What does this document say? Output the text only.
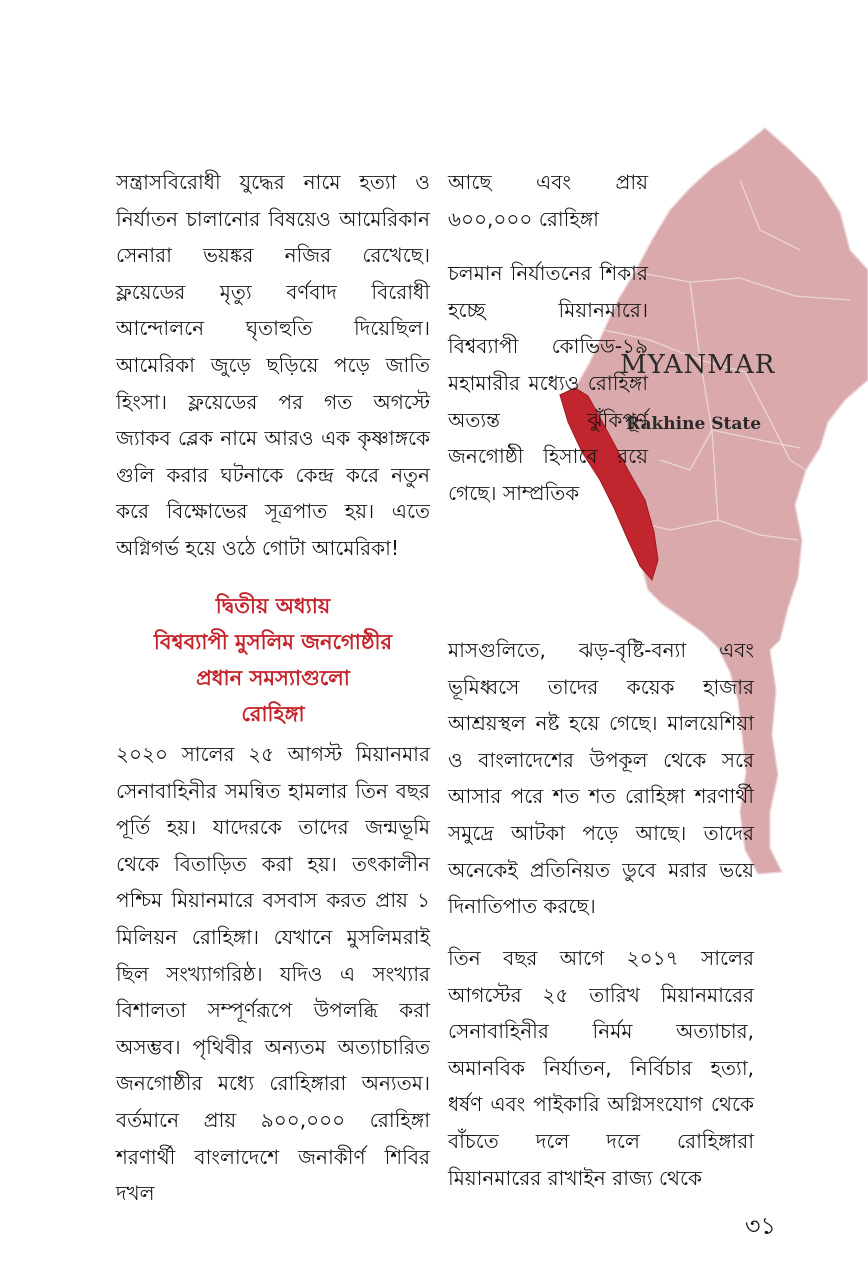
MYANMAR
Rakhine State

সন্ত্রাসবিরোধী যুদ্ধের নামে হত্যা ও নির্যাতন চালানোর বিষয়েও আমেরিকান সেনারা ভয়ঙ্কর নজির রেখেছে। ফ্লয়েডের মৃত্যু বর্ণবাদ বিরোধী আন্দোলনে ঘৃতাহুতি দিয়েছিল। আমেরিকা জুড়ে ছড়িয়ে পড়ে জাতি হিংসা। ফ্লয়েডের পর গত অগস্টে জ্যাকব ব্লেক নামে আরও এক কৃষ্ণাঙ্গকে গুলি করার ঘটনাকে কেন্দ্র করে নতুন করে বিক্ষোভের সূত্রপাত হয়। এতে অগ্নিগর্ভ হয়ে ওঠে গোটা আমেরিকা!

দ্বিতীয় অধ্যায়
বিশ্বব্যাপী মুসলিম জনগোষ্ঠীর
প্রধান সমস্যাগুলো
রোহিঙ্গা

২০২০ সালের ২৫ আগস্ট মিয়ানমার সেনাবাহিনীর সমন্বিত হামলার তিন বছর পূর্তি হয়। যাদেরকে তাদের জন্মভূমি থেকে বিতাড়িত করা হয়। তৎকালীন পশ্চিম মিয়ানমারে বসবাস করত প্রায় ১ মিলিয়ন রোহিঙ্গা। যেখানে মুসলিমরাই ছিল সংখ্যাগরিষ্ঠ। যদিও এ সংখ্যার বিশালতা সম্পূর্ণরূপে উপলব্ধি করা অসম্ভব। পৃথিবীর অন্যতম অত্যাচারিত জনগোষ্ঠীর মধ্যে রোহিঙ্গারা অন্যতম। বর্তমানে প্রায় ৯০০,০০০ রোহিঙ্গা শরণার্থী বাংলাদেশে জনাকীর্ণ শিবির দখল

আছে এবং প্রায় ৬০০,০০০ রোহিঙ্গা

চলমান নির্যাতনের শিকার হচ্ছে মিয়ানমারে। বিশ্বব্যাপী কোভিড-১৯ মহামারীর মধ্যেও রোহিঙ্গা অত্যন্ত ঝুঁকিপূর্ণ জনগোষ্ঠী হিসাবে রয়ে গেছে। সাম্প্রতিক

মাসগুলিতে, ঝড়-বৃষ্টি-বন্যা এবং ভূমিধ্বসে তাদের কয়েক হাজার আশ্রয়স্থল নষ্ট হয়ে গেছে। মালয়েশিয়া ও বাংলাদেশের উপকূল থেকে সরে আসার পরে শত শত রোহিঙ্গা শরণার্থী সমুদ্রে আটকা পড়ে আছে। তাদের অনেকেই প্রতিনিয়ত ডুবে মরার ভয়ে দিনাতিপাত করছে।

তিন বছর আগে ২০১৭ সালের আগস্টের ২৫ তারিখ মিয়ানমারের সেনাবাহিনীর নির্মম অত্যাচার, অমানবিক নির্যাতন, নির্বিচার হত্যা, ধর্ষণ এবং পাইকারি অগ্নিসংযোগ থেকে বাঁচতে দলে দলে রোহিঙ্গারা মিয়ানমারের রাখাইন রাজ্য থেকে

৩১
